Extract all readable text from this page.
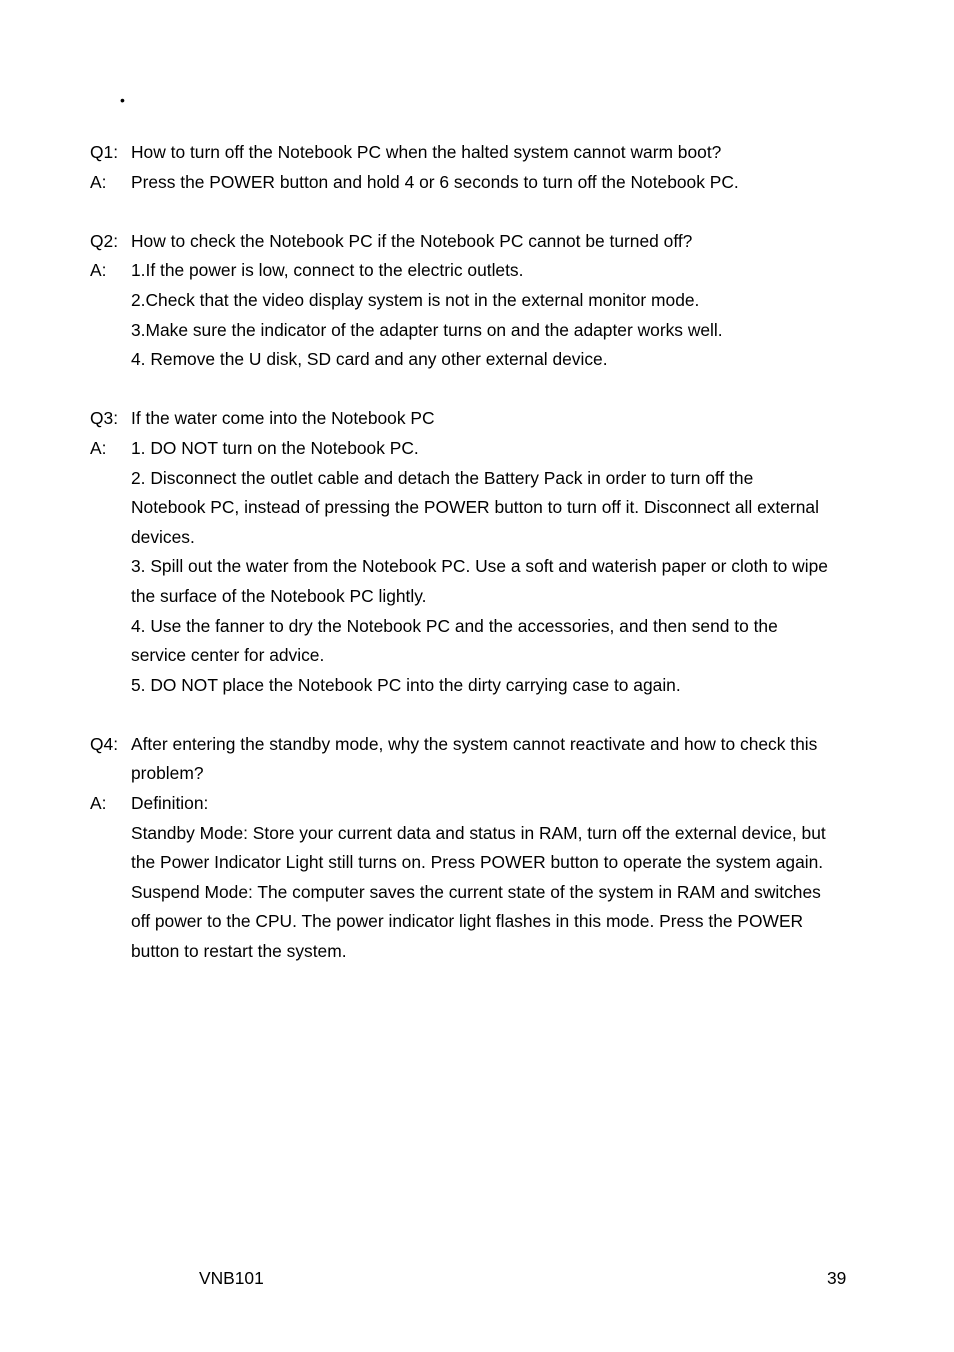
•
Q1: How to turn off the Notebook PC when the halted system cannot warm boot?
A:	Press the POWER button and hold 4 or 6 seconds to turn off the Notebook PC.
Q2: How to check the Notebook PC if the Notebook PC cannot be turned off?
A:	1.If the power is low, connect to the electric outlets.
2.Check that the video display system is not in the external monitor mode.
3.Make sure the indicator of the adapter turns on and the adapter works well.
4. Remove the U disk, SD card and any other external device.
Q3: If the water come into the Notebook PC
A:	1. DO NOT turn on the Notebook PC.
2. Disconnect the outlet cable and detach the Battery Pack in order to turn off the
Notebook PC, instead of pressing the POWER button to turn off it. Disconnect all external
devices.
3. Spill out the water from the Notebook PC. Use a soft and waterish paper or cloth to wipe
the surface of the Notebook PC lightly.
4. Use the fanner to dry the Notebook PC and the accessories, and then send to the
service center for advice.
5. DO NOT place the Notebook PC into the dirty carrying case to again.
Q4: After entering the standby mode, why the system cannot reactivate and how to check this
problem?
A:	Definition:
Standby Mode: Store your current data and status in RAM, turn off the external device, but
the Power Indicator Light still turns on. Press POWER button to operate the system again.
Suspend Mode: The computer saves the current state of the system in RAM and switches
off power to the CPU. The power indicator light flashes in this mode. Press the POWER
button to restart the system.
VNB101	39
